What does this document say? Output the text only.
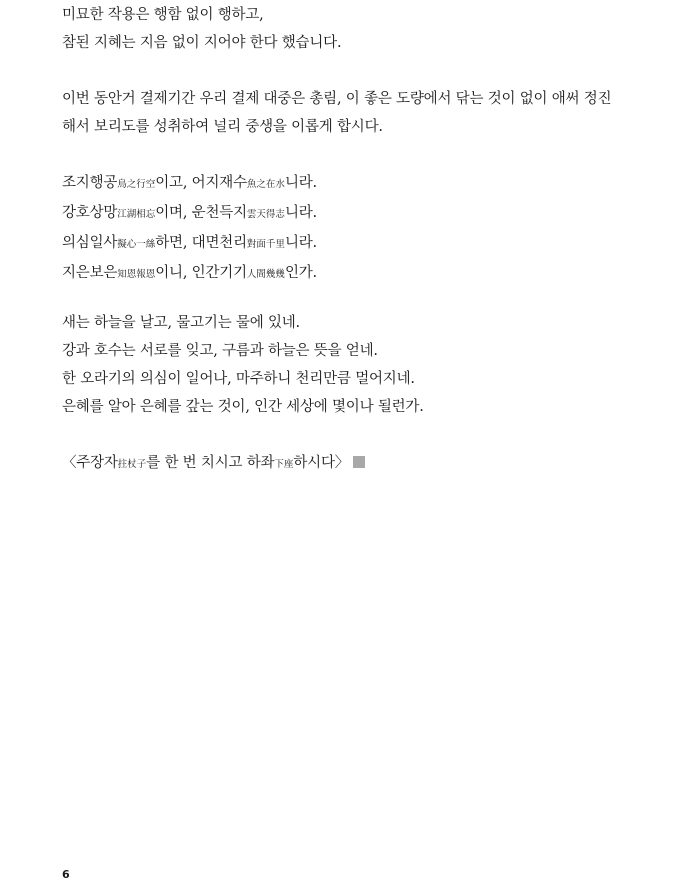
미묘한 작용은 행함 없이 행하고,
참된 지혜는 지음 없이 지어야 한다 했습니다.
이번 동안거 결제기간 우리 결제 대중은 총림, 이 좋은 도량에서 닦는 것이 없이 애써 정진
해서 보리도를 성취하여 널리 중생을 이롭게 합시다.
조지행공鳥之行空이고, 어지재수魚之在水니라.
강호상망江湖相忘이며, 운천득지雲天得志니라.
의심일사擬心一絲하면, 대면천리對面千里니라.
지은보은知恩報恩이니, 인간기기人間幾幾인가.
새는 하늘을 날고, 물고기는 물에 있네.
강과 호수는 서로를 잊고, 구름과 하늘은 뜻을 얻네.
한 오라기의 의심이 일어나, 마주하니 천리만큼 멀어지네.
은혜를 알아 은혜를 갚는 것이, 인간 세상에 몇이나 될런가.
〈주장자拄杖子를 한 번 치시고 하좌下座하시다〉
6
